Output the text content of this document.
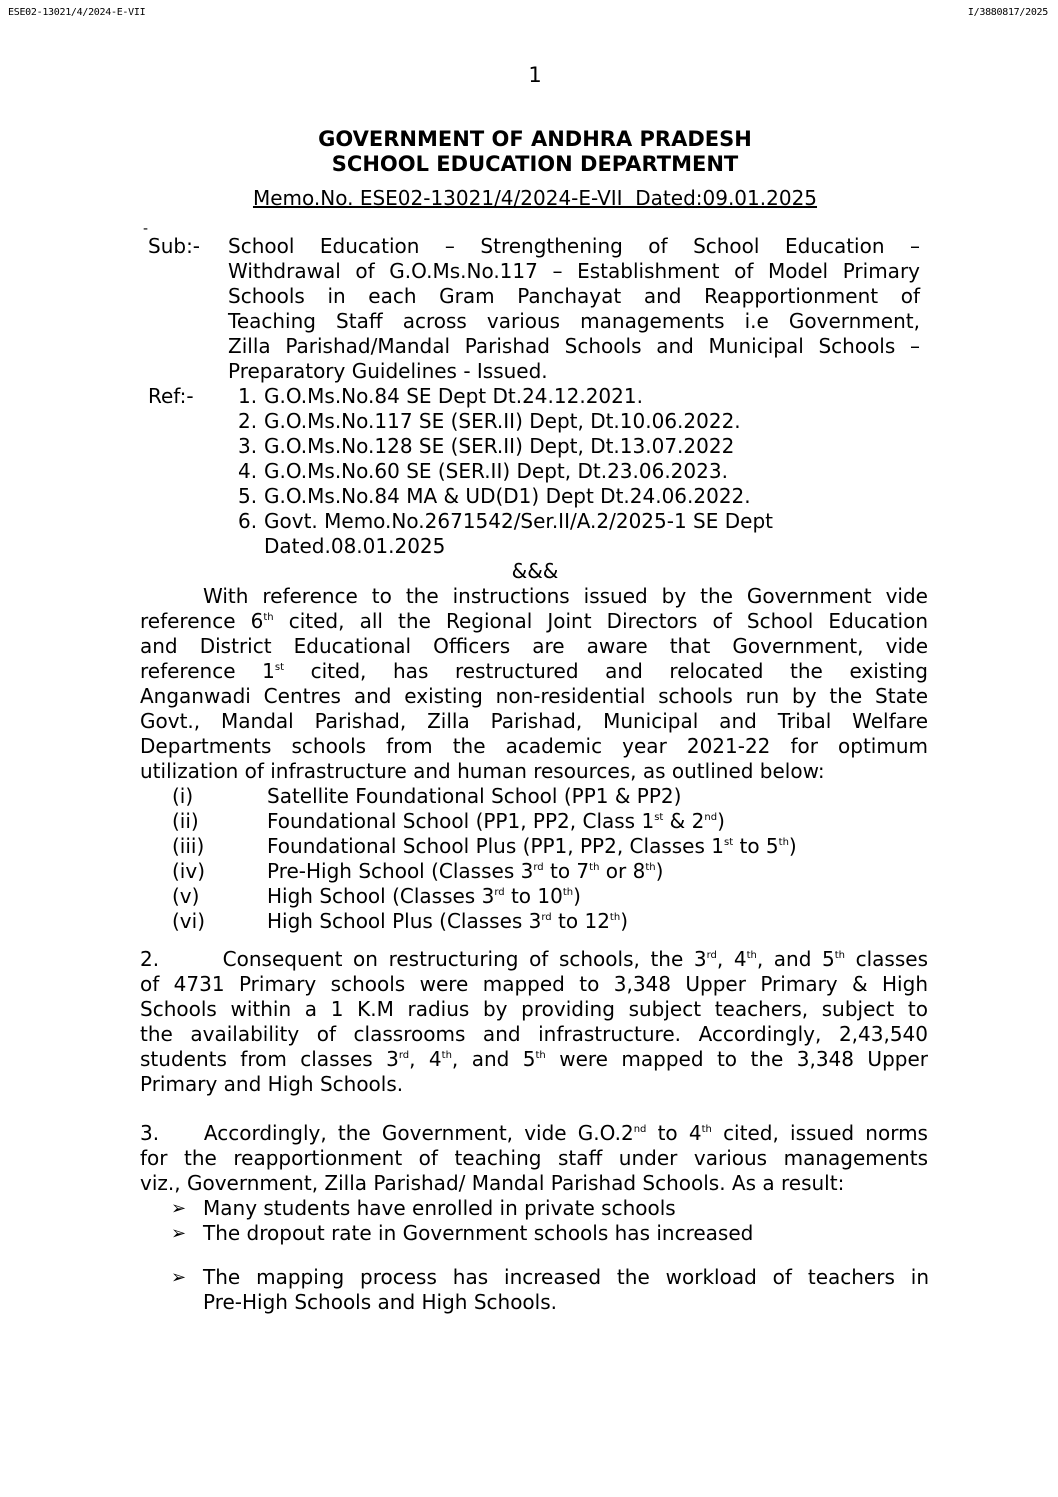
ESE02-13021/4/2024-E-VII	I/3880817/2025
1
GOVERNMENT OF ANDHRA PRADESH
SCHOOL EDUCATION DEPARTMENT
Memo.No. ESE02-13021/4/2024-E-VII  Dated:09.01.2025
-
Sub:- School Education – Strengthening of School Education –
Withdrawal of G.O.Ms.No.117 – Establishment of Model Primary
Schools in each Gram Panchayat and Reapportionment of
Teaching Staff across various managements i.e Government,
Zilla Parishad/Mandal Parishad Schools and Municipal Schools –
Preparatory Guidelines - Issued.
Ref:- 1. G.O.Ms.No.84 SE Dept Dt.24.12.2021.
2. G.O.Ms.No.117 SE (SER.II) Dept, Dt.10.06.2022.
3. G.O.Ms.No.128 SE (SER.II) Dept, Dt.13.07.2022
4. G.O.Ms.No.60 SE (SER.II) Dept, Dt.23.06.2023.
5. G.O.Ms.No.84 MA & UD(D1) Dept Dt.24.06.2022.
6. Govt. Memo.No.2671542/Ser.II/A.2/2025-1 SE Dept
Dated.08.01.2025
&&&
With reference to the instructions issued by the Government vide
reference 6th cited, all the Regional Joint Directors of School Education
and District Educational Officers are aware that Government, vide
reference 1st cited, has restructured and relocated the existing
Anganwadi Centres and existing non-residential schools run by the State
Govt., Mandal Parishad, Zilla Parishad, Municipal and Tribal Welfare
Departments schools from the academic year 2021-22 for optimum
utilization of infrastructure and human resources, as outlined below:
(i)	Satellite Foundational School (PP1 & PP2)
(ii)	Foundational School (PP1, PP2, Class 1st & 2nd)
(iii)	Foundational School Plus (PP1, PP2, Classes 1st to 5th)
(iv)	Pre-High School (Classes 3rd to 7th or 8th)
(v)	High School (Classes 3rd to 10th)
(vi)	High School Plus (Classes 3rd to 12th)
2.      Consequent on restructuring of schools, the 3rd, 4th, and 5th classes
of 4731 Primary schools were mapped to 3,348 Upper Primary & High
Schools within a 1 K.M radius by providing subject teachers, subject to
the availability of classrooms and infrastructure. Accordingly, 2,43,540
students from classes 3rd, 4th, and 5th were mapped to the 3,348 Upper
Primary and High Schools.
3.    Accordingly, the Government, vide G.O.2nd to 4th cited, issued norms
for the reapportionment of teaching staff under various managements
viz., Government, Zilla Parishad/ Mandal Parishad Schools. As a result:
➢ Many students have enrolled in private schools
➢ The dropout rate in Government schools has increased
➢ The mapping process has increased the workload of teachers in
Pre-High Schools and High Schools.
